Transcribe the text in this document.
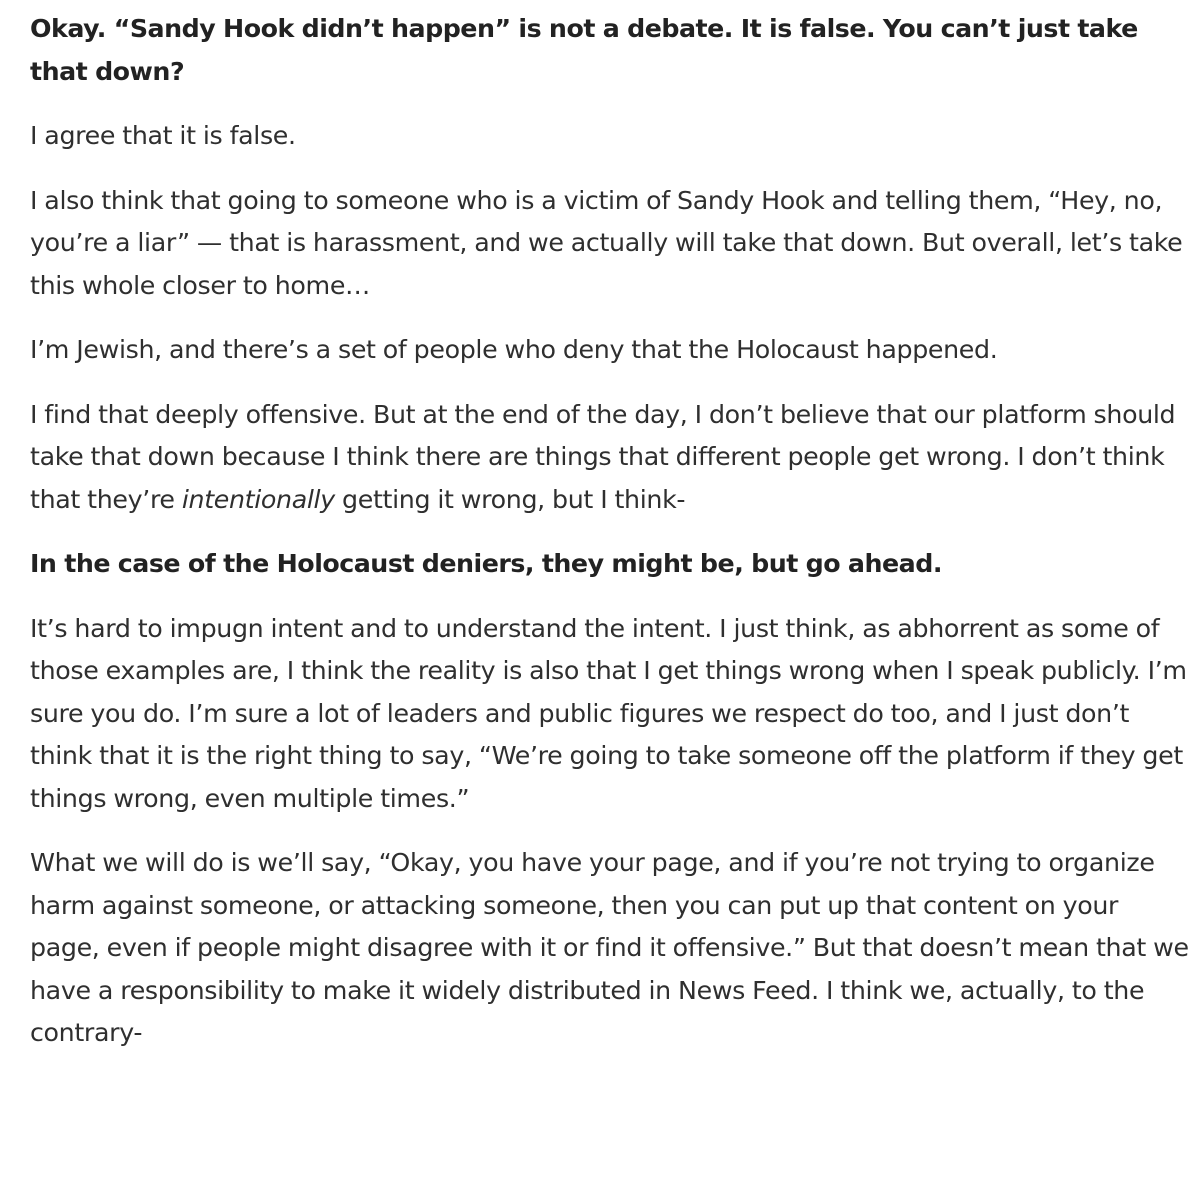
Okay. “Sandy Hook didn’t happen” is not a debate. It is false. You can’t just take that down?

I agree that it is false.

I also think that going to someone who is a victim of Sandy Hook and telling them, “Hey, no, you’re a liar” — that is harassment, and we actually will take that down. But overall, let’s take this whole closer to home…

I’m Jewish, and there’s a set of people who deny that the Holocaust happened.

I find that deeply offensive. But at the end of the day, I don’t believe that our platform should take that down because I think there are things that different people get wrong. I don’t think that they’re intentionally getting it wrong, but I think-

In the case of the Holocaust deniers, they might be, but go ahead.

It’s hard to impugn intent and to understand the intent. I just think, as abhorrent as some of those examples are, I think the reality is also that I get things wrong when I speak publicly. I’m sure you do. I’m sure a lot of leaders and public figures we respect do too, and I just don’t think that it is the right thing to say, “We’re going to take someone off the platform if they get things wrong, even multiple times.”

What we will do is we’ll say, “Okay, you have your page, and if you’re not trying to organize harm against someone, or attacking someone, then you can put up that content on your page, even if people might disagree with it or find it offensive.” But that doesn’t mean that we have a responsibility to make it widely distributed in News Feed. I think we, actually, to the contrary-
